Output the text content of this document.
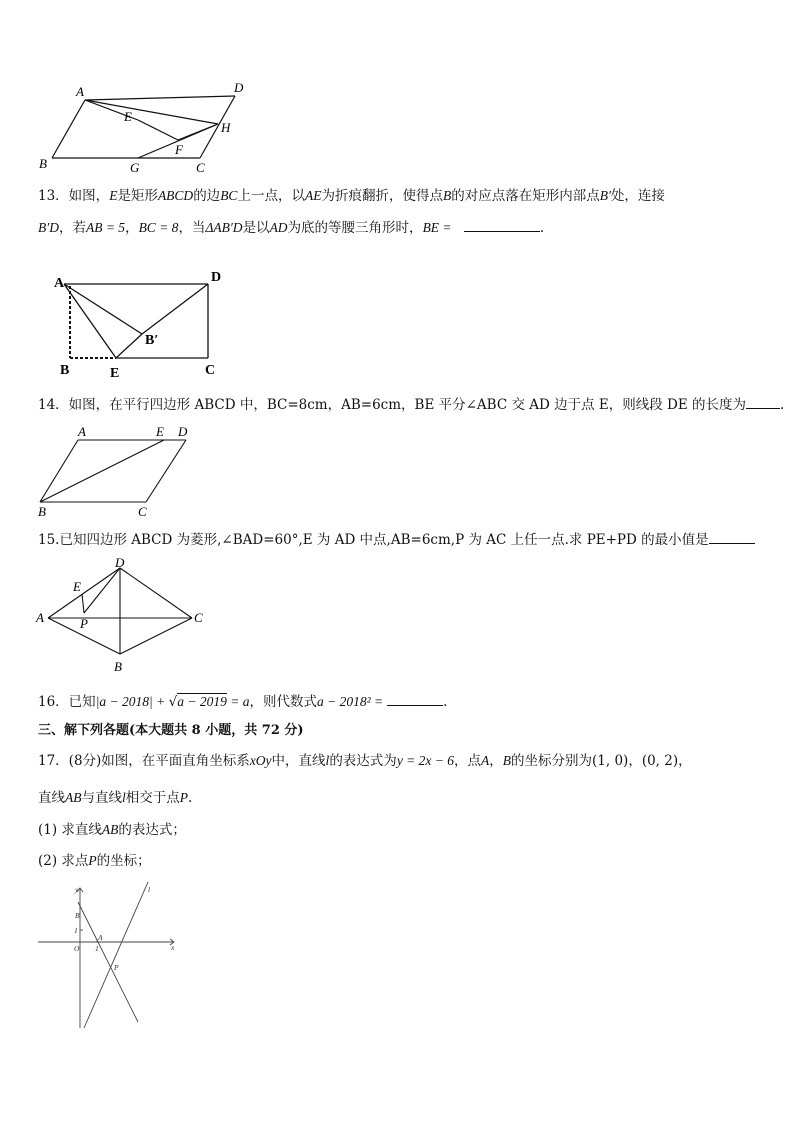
A	D
E
H
F
B	G	C
13．如图，E是矩形ABCD的边BC上一点，以AE为折痕翻折，使得点B的对应点落在矩形内部点B′处，连接
B′D，若AB = 5，BC = 8，当ΔAB′D是以AD为底的等腰三角形时，BE =	.
A	D
B′
B	E	C
14．如图，在平行四边形 ABCD 中，BC=8cm，AB=6cm，BE 平分∠ABC 交 AD 边于点 E，则线段 DE 的长度为	.
A	E D
B	C
15.已知四边形 ABCD 为菱形,∠BAD=60°,E 为 AD 中点,AB=6cm,P 为 AC 上任一点.求 PE+PD 的最小值是
D
E
A	P	C
B
16．已知|a − 2018| + √a − 2019 = a，则代数式a − 2018² =	.
三、解下列各题(本大题共 8 小题，共 72 分)
17．(8分)如图，在平面直角坐标系xOy中，直线l的表达式为y = 2x − 6，点A，B的坐标分别为(1, 0)，(0, 2)，
直线AB与直线l相交于点P.
(1) 求直线AB的表达式；
(2) 求点P的坐标；
y
x
l
B
1
A
O 1
P
